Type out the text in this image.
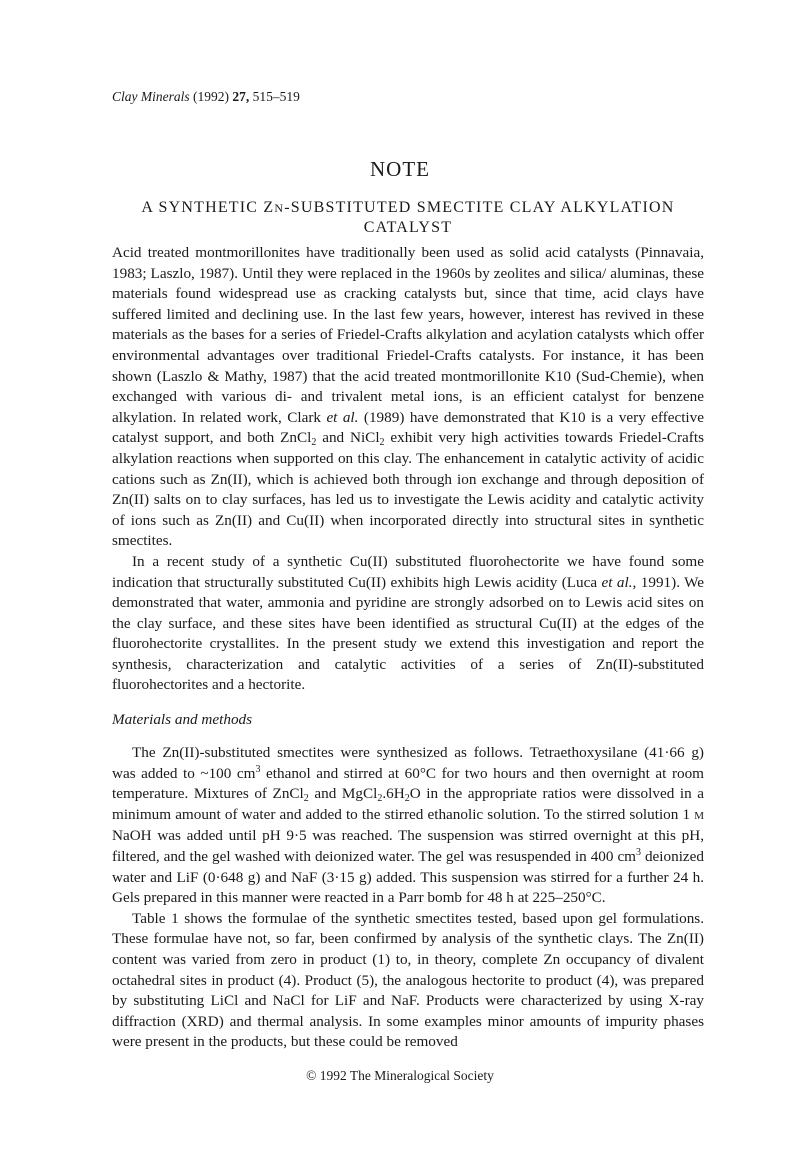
Clay Minerals (1992) 27, 515–519
NOTE
A SYNTHETIC ZN-SUBSTITUTED SMECTITE CLAY ALKYLATION
CATALYST

Acid treated montmorillonites have traditionally been used as solid acid catalysts (Pinnavaia, 1983; Laszlo, 1987). Until they were replaced in the 1960s by zeolites and silica/ aluminas, these materials found widespread use as cracking catalysts but, since that time, acid clays have suffered limited and declining use. In the last few years, however, interest has revived in these materials as the bases for a series of Friedel-Crafts alkylation and acylation catalysts which offer environmental advantages over traditional Friedel-Crafts catalysts. For instance, it has been shown (Laszlo & Mathy, 1987) that the acid treated montmorillonite K10 (Sud-Chemie), when exchanged with various di- and trivalent metal ions, is an efficient catalyst for benzene alkylation. In related work, Clark et al. (1989) have demonstrated that K10 is a very effective catalyst support, and both ZnCl$_2$ and NiCl$_2$ exhibit very high activities towards Friedel-Crafts alkylation reactions when supported on this clay. The enhancement in catalytic activity of acidic cations such as Zn(II), which is achieved both through ion exchange and through deposition of Zn(II) salts on to clay surfaces, has led us to investigate the Lewis acidity and catalytic activity of ions such as Zn(II) and Cu(II) when incorporated directly into structural sites in synthetic smectites.

In a recent study of a synthetic Cu(II) substituted fluorohectorite we have found some indication that structurally substituted Cu(II) exhibits high Lewis acidity (Luca et al., 1991). We demonstrated that water, ammonia and pyridine are strongly adsorbed on to Lewis acid sites on the clay surface, and these sites have been identified as structural Cu(II) at the edges of the fluorohectorite crystallites. In the present study we extend this investigation and report the synthesis, characterization and catalytic activities of a series of Zn(II)-substituted fluorohectorites and a hectorite.

Materials and methods

The Zn(II)-substituted smectites were synthesized as follows. Tetraethoxysilane (41·66 g) was added to ~100 $cm^3$ ethanol and stirred at 60°C for two hours and then overnight at room temperature. Mixtures of ZnCl$_2$ and $MgCl_2.6H_2O$ in the appropriate ratios were dissolved in a minimum amount of water and added to the stirred ethanolic solution. To the stirred solution 1 M NaOH was added until pH 9·5 was reached. The suspension was stirred overnight at this pH, filtered, and the gel washed with deionized water. The gel was resuspended in 400 $cm^3$ deionized water and LiF (0·648 g) and NaF (3·15 g) added. This suspension was stirred for a further 24 h. Gels prepared in this manner were reacted in a Parr bomb for 48 h at 225–250°C.

Table 1 shows the formulae of the synthetic smectites tested, based upon gel formulations. These formulae have not, so far, been confirmed by analysis of the synthetic clays. The Zn(II) content was varied from zero in product (1) to, in theory, complete Zn occupancy of divalent octahedral sites in product (4). Product (5), the analogous hectorite to product (4), was prepared by substituting LiCl and NaCl for LiF and NaF. Products were characterized by using X-ray diffraction (XRD) and thermal analysis. In some examples minor amounts of impurity phases were present in the products, but these could be removed

© 1992 The Mineralogical Society
